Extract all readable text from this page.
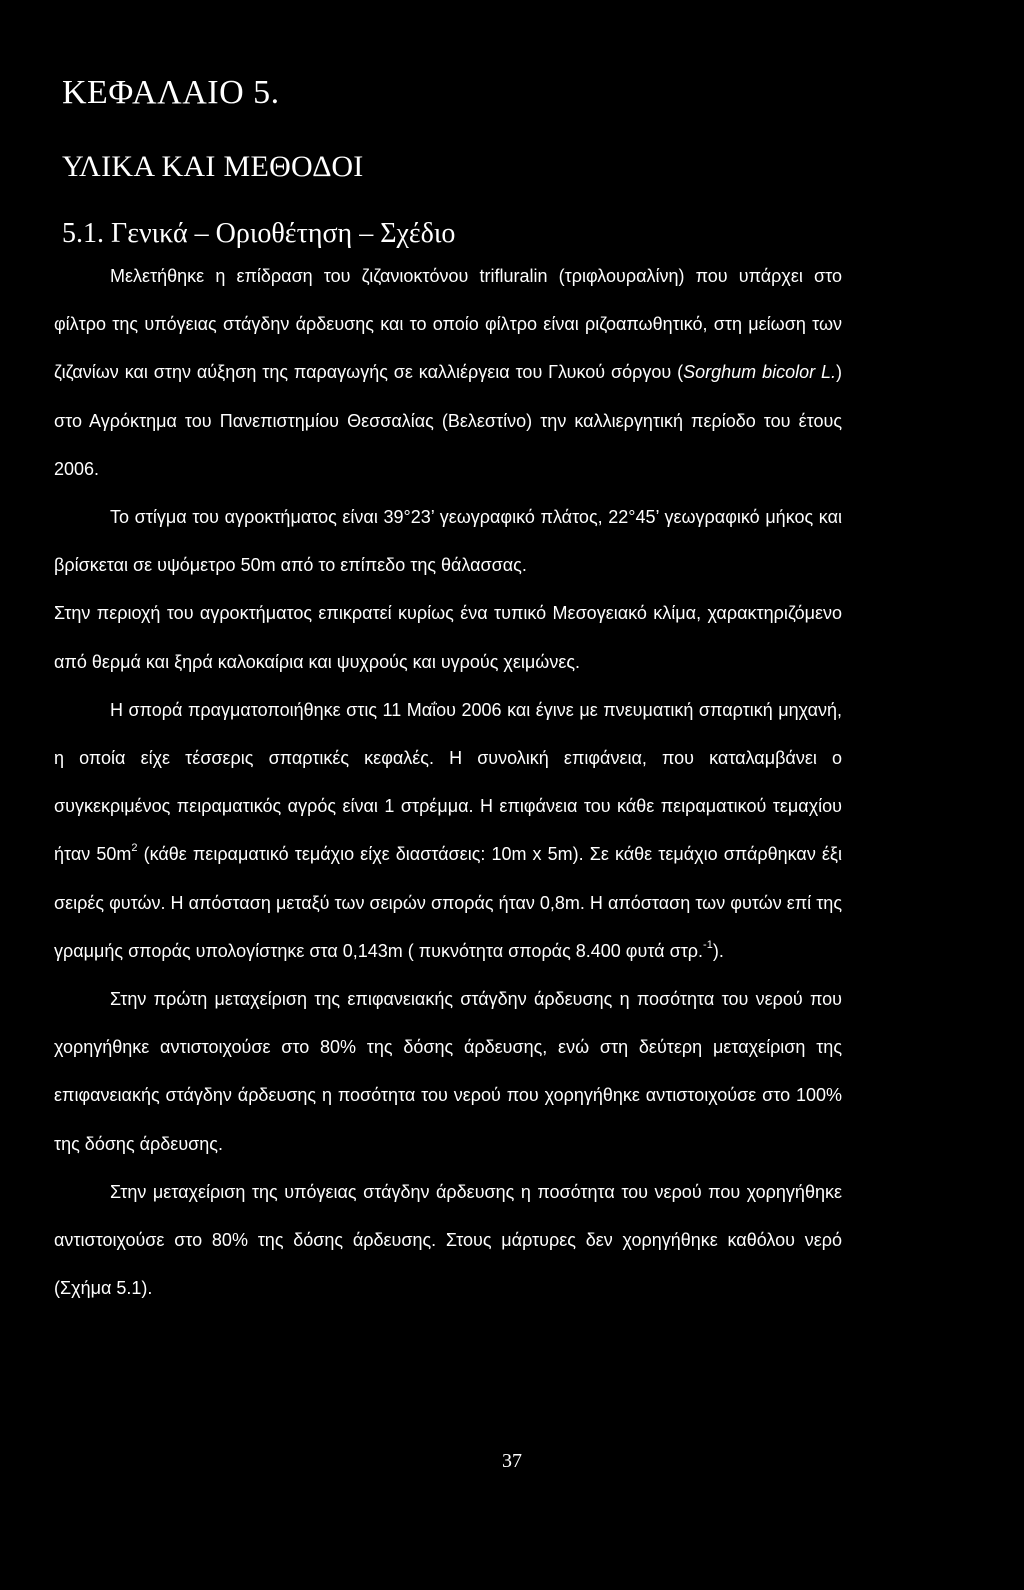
ΚΕΦΑΛΑΙΟ 5.
ΥΛΙΚΑ ΚΑΙ ΜΕΘΟΔΟΙ
5.1. Γενικά – Οριοθέτηση – Σχέδιο

Μελετήθηκε η επίδραση του ζιζανιοκτόνου trifluralin (τριφλουραλίνη) που υπάρχει στο φίλτρο της υπόγειας στάγδην άρδευσης και το οποίο φίλτρο είναι ριζοαπωθητικό, στη μείωση των ζιζανίων και στην αύξηση της παραγωγής σε καλλιέργεια του Γλυκού σόργου (Sorghum bicolor L.) στο Αγρόκτημα του Πανεπιστημίου Θεσσαλίας (Βελεστίνο) την καλλιεργητική περίοδο του έτους 2006.

Το στίγμα του αγροκτήματος είναι 39°23’ γεωγραφικό πλάτος, 22°45’ γεωγραφικό μήκος και βρίσκεται σε υψόμετρο 50m από το επίπεδο της θάλασσας.

Στην περιοχή του αγροκτήματος επικρατεί κυρίως ένα τυπικό Μεσογειακό κλίμα, χαρακτηριζόμενο από θερμά και ξηρά καλοκαίρια και ψυχρούς και υγρούς χειμώνες.

Η σπορά πραγματοποιήθηκε στις 11 Μαΐου 2006 και έγινε με πνευματική σπαρτική μηχανή, η οποία είχε τέσσερις σπαρτικές κεφαλές. Η συνολική επιφάνεια, που καταλαμβάνει ο συγκεκριμένος πειραματικός αγρός είναι 1 στρέμμα. Η επιφάνεια του κάθε πειραματικού τεμαχίου ήταν $50m^2$ (κάθε πειραματικό τεμάχιο είχε διαστάσεις: 10m x 5m). Σε κάθε τεμάχιο σπάρθηκαν έξι σειρές φυτών. Η απόσταση μεταξύ των σειρών σποράς ήταν 0,8m. Η απόσταση των φυτών επί της γραμμής σποράς υπολογίστηκε στα 0,143m ( πυκνότητα σποράς 8.400 φυτά στρ.$^{-1}$).

Στην πρώτη μεταχείριση της επιφανειακής στάγδην άρδευσης η ποσότητα του νερού που χορηγήθηκε αντιστοιχούσε στο 80% της δόσης άρδευσης, ενώ στη δεύτερη μεταχείριση της επιφανειακής στάγδην άρδευσης η ποσότητα του νερού που χορηγήθηκε αντιστοιχούσε στο 100% της δόσης άρδευσης.

Στην μεταχείριση της υπόγειας στάγδην άρδευσης η ποσότητα του νερού που χορηγήθηκε αντιστοιχούσε στο 80% της δόσης άρδευσης. Στους μάρτυρες δεν χορηγήθηκε καθόλου νερό (Σχήμα 5.1).

37
